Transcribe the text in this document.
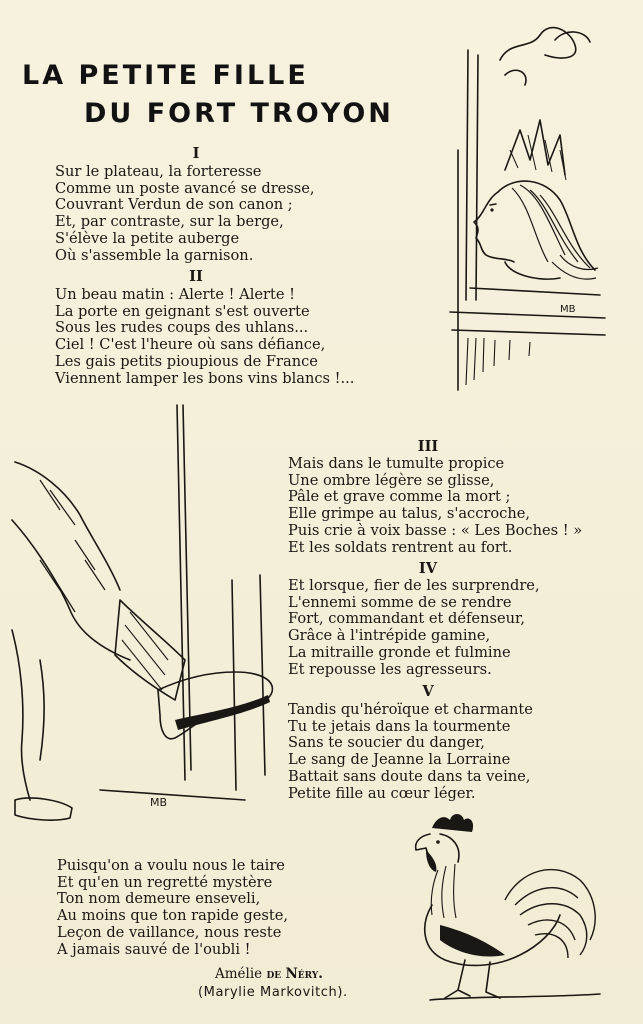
LA PETITE FILLE
DU FORT TROYON
I
Sur le plateau, la forteresse
Comme un poste avancé se dresse,
Couvrant Verdun de son canon ;
Et, par contraste, sur la berge,
S'élève la petite auberge
Où s'assemble la garnison.
II
Un beau matin : Alerte ! Alerte !
La porte en geignant s'est ouverte
Sous les rudes coups des uhlans...
Ciel ! C'est l'heure où sans défiance,
Les gais petits pioupious de France
Viennent lamper les bons vins blancs !...
III
Mais dans le tumulte propice
Une ombre légère se glisse,
Pâle et grave comme la mort ;
Elle grimpe au talus, s'accroche,
Puis crie à voix basse : « Les Boches ! »
Et les soldats rentrent au fort.
IV
Et lorsque, fier de les surprendre,
L'ennemi somme de se rendre
Fort, commandant et défenseur,
Grâce à l'intrépide gamine,
La mitraille gronde et fulmine
Et repousse les agresseurs.
V
Tandis qu'héroïque et charmante
Tu te jetais dans la tourmente
Sans te soucier du danger,
Le sang de Jeanne la Lorraine
Battait sans doute dans ta veine,
Petite fille au cœur léger.
Puisqu'on a voulu nous le taire
Et qu'en un regretté mystère
Ton nom demeure enseveli,
Au moins que ton rapide geste,
Leçon de vaillance, nous reste
A jamais sauvé de l'oubli !
Amélie de Néry.
(Marylie Markovitch).
MB
MB
